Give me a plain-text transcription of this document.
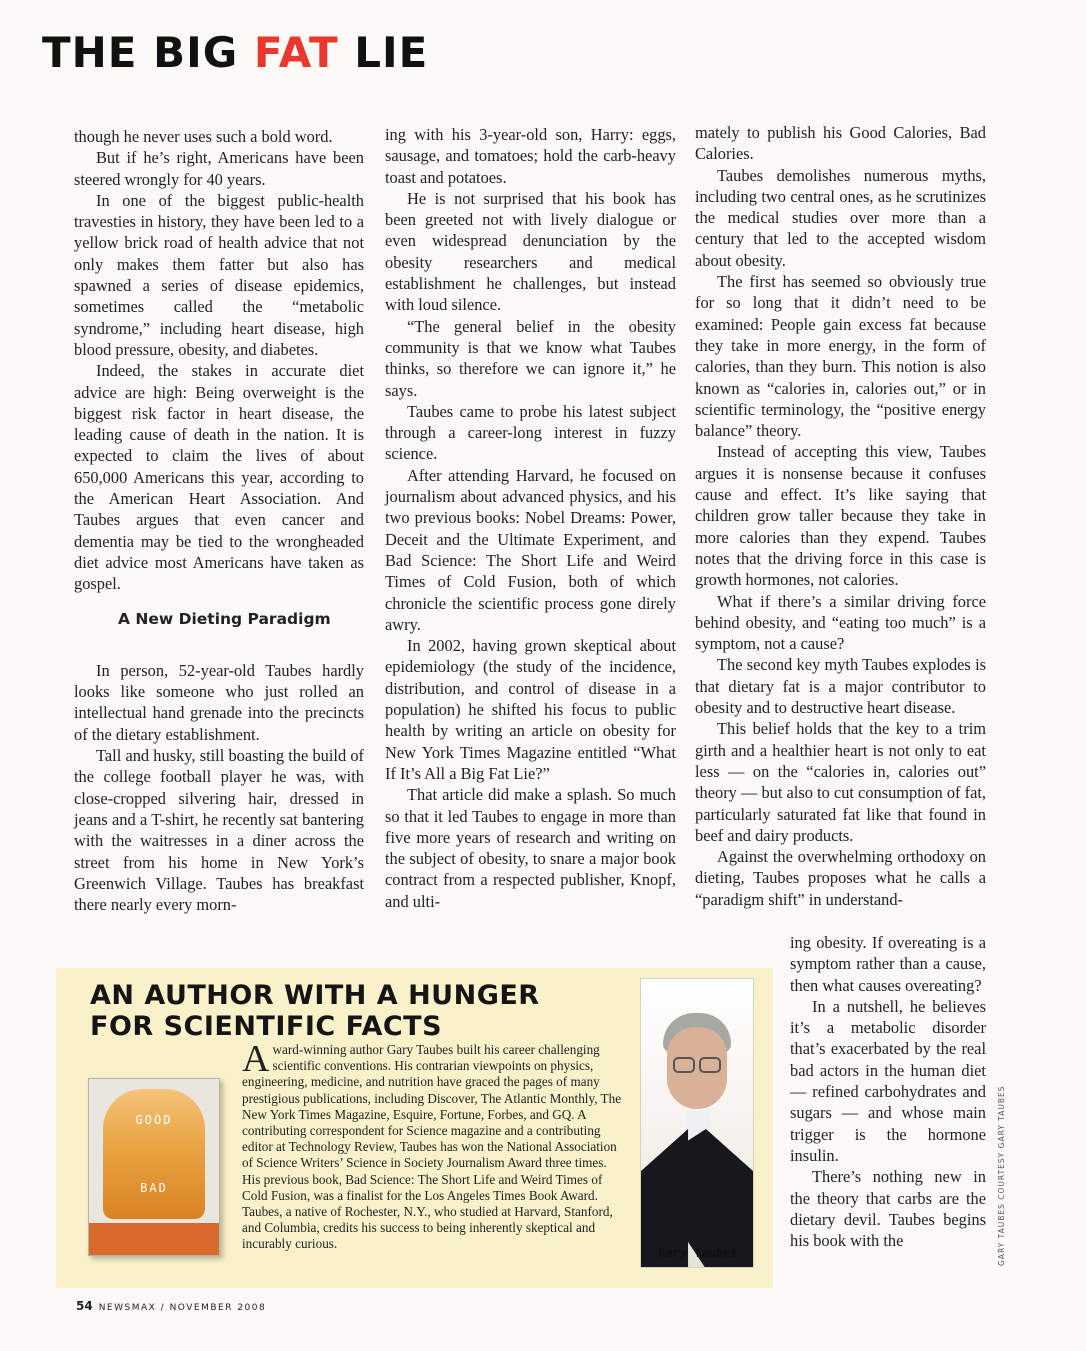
THE BIG FAT LIE

though he never uses such a bold word.

But if he’s right, Americans have been steered wrongly for 40 years.

In one of the biggest public-health travesties in history, they have been led to a yellow brick road of health advice that not only makes them fatter but also has spawned a series of disease epidemics, sometimes called the “metabolic syndrome,” including heart disease, high blood pressure, obesity, and diabetes.

Indeed, the stakes in accurate diet advice are high: Being overweight is the biggest risk factor in heart disease, the leading cause of death in the nation. It is expected to claim the lives of about 650,000 Americans this year, according to the American Heart Association. And Taubes argues that even cancer and dementia may be tied to the wrongheaded diet advice most Americans have taken as gospel.

A New Dieting Paradigm

In person, 52-year-old Taubes hardly looks like someone who just rolled an intellectual hand grenade into the precincts of the dietary establishment.

Tall and husky, still boasting the build of the college football player he was, with close-cropped silvering hair, dressed in jeans and a T-shirt, he recently sat bantering with the waitresses in a diner across the street from his home in New York’s Greenwich Village. Taubes has breakfast there nearly every morn-

ing with his 3-year-old son, Harry: eggs, sausage, and tomatoes; hold the carb-heavy toast and potatoes.

He is not surprised that his book has been greeted not with lively dialogue or even widespread denunciation by the obesity researchers and medical establishment he challenges, but instead with loud silence.

“The general belief in the obesity community is that we know what Taubes thinks, so therefore we can ignore it,” he says.

Taubes came to probe his latest subject through a career-long interest in fuzzy science.

After attending Harvard, he focused on journalism about advanced physics, and his two previous books: Nobel Dreams: Power, Deceit and the Ultimate Experiment, and Bad Science: The Short Life and Weird Times of Cold Fusion, both of which chronicle the scientific process gone direly awry.

In 2002, having grown skeptical about epidemiology (the study of the incidence, distribution, and control of disease in a population) he shifted his focus to public health by writing an article on obesity for New York Times Magazine entitled “What If It’s All a Big Fat Lie?”

That article did make a splash. So much so that it led Taubes to engage in more than five more years of research and writing on the subject of obesity, to snare a major book contract from a respected publisher, Knopf, and ulti-

mately to publish his Good Calories, Bad Calories.

Taubes demolishes numerous myths, including two central ones, as he scrutinizes the medical studies over more than a century that led to the accepted wisdom about obesity.

The first has seemed so obviously true for so long that it didn’t need to be examined: People gain excess fat because they take in more energy, in the form of calories, than they burn. This notion is also known as “calories in, calories out,” or in scientific terminology, the “positive energy balance” theory.

Instead of accepting this view, Taubes argues it is nonsense because it confuses cause and effect. It’s like saying that children grow taller because they take in more calories than they expend. Taubes notes that the driving force in this case is growth hormones, not calories.

What if there’s a similar driving force behind obesity, and “eating too much” is a symptom, not a cause?

The second key myth Taubes explodes is that dietary fat is a major contributor to obesity and to destructive heart disease.

This belief holds that the key to a trim girth and a healthier heart is not only to eat less — on the “calories in, calories out” theory — but also to cut consumption of fat, particularly saturated fat like that found in beef and dairy products.

Against the overwhelming orthodoxy on dieting, Taubes proposes what he calls a “paradigm shift” in understand-

ing obesity. If overeating is a symptom rather than a cause, then what causes overeating?

In a nutshell, he believes it’s a metabolic disorder that’s exacerbated by the real bad actors in the human diet — refined carbohydrates and sugars — and whose main trigger is the hormone insulin.

There’s nothing new in the theory that carbs are the dietary devil. Taubes begins his book with the

AN AUTHOR WITH A HUNGER
FOR SCIENTIFIC FACTS
GOOD
BAD
Award-winning author Gary Taubes built his career challenging scientific conventions. His contrarian viewpoints on physics, engineering, medicine, and nutrition have graced the pages of many prestigious publications, including Discover, The Atlantic Monthly, The New York Times Magazine, Esquire, Fortune, Forbes, and GQ. A contributing correspondent for Science magazine and a contributing editor at Technology Review, Taubes has won the National Association of Science Writers’ Science in Society Journalism Award three times. His previous book, Bad Science: The Short Life and Weird Times of Cold Fusion, was a finalist for the Los Angeles Times Book Award. Taubes, a native of Rochester, N.Y., who studied at Harvard, Stanford, and Columbia, credits his success to being inherently skeptical and incurably curious.
Gary Taubes	GARY TAUBES COURTESY GARY TAUBES
54 NEWSMAX / NOVEMBER 2008
